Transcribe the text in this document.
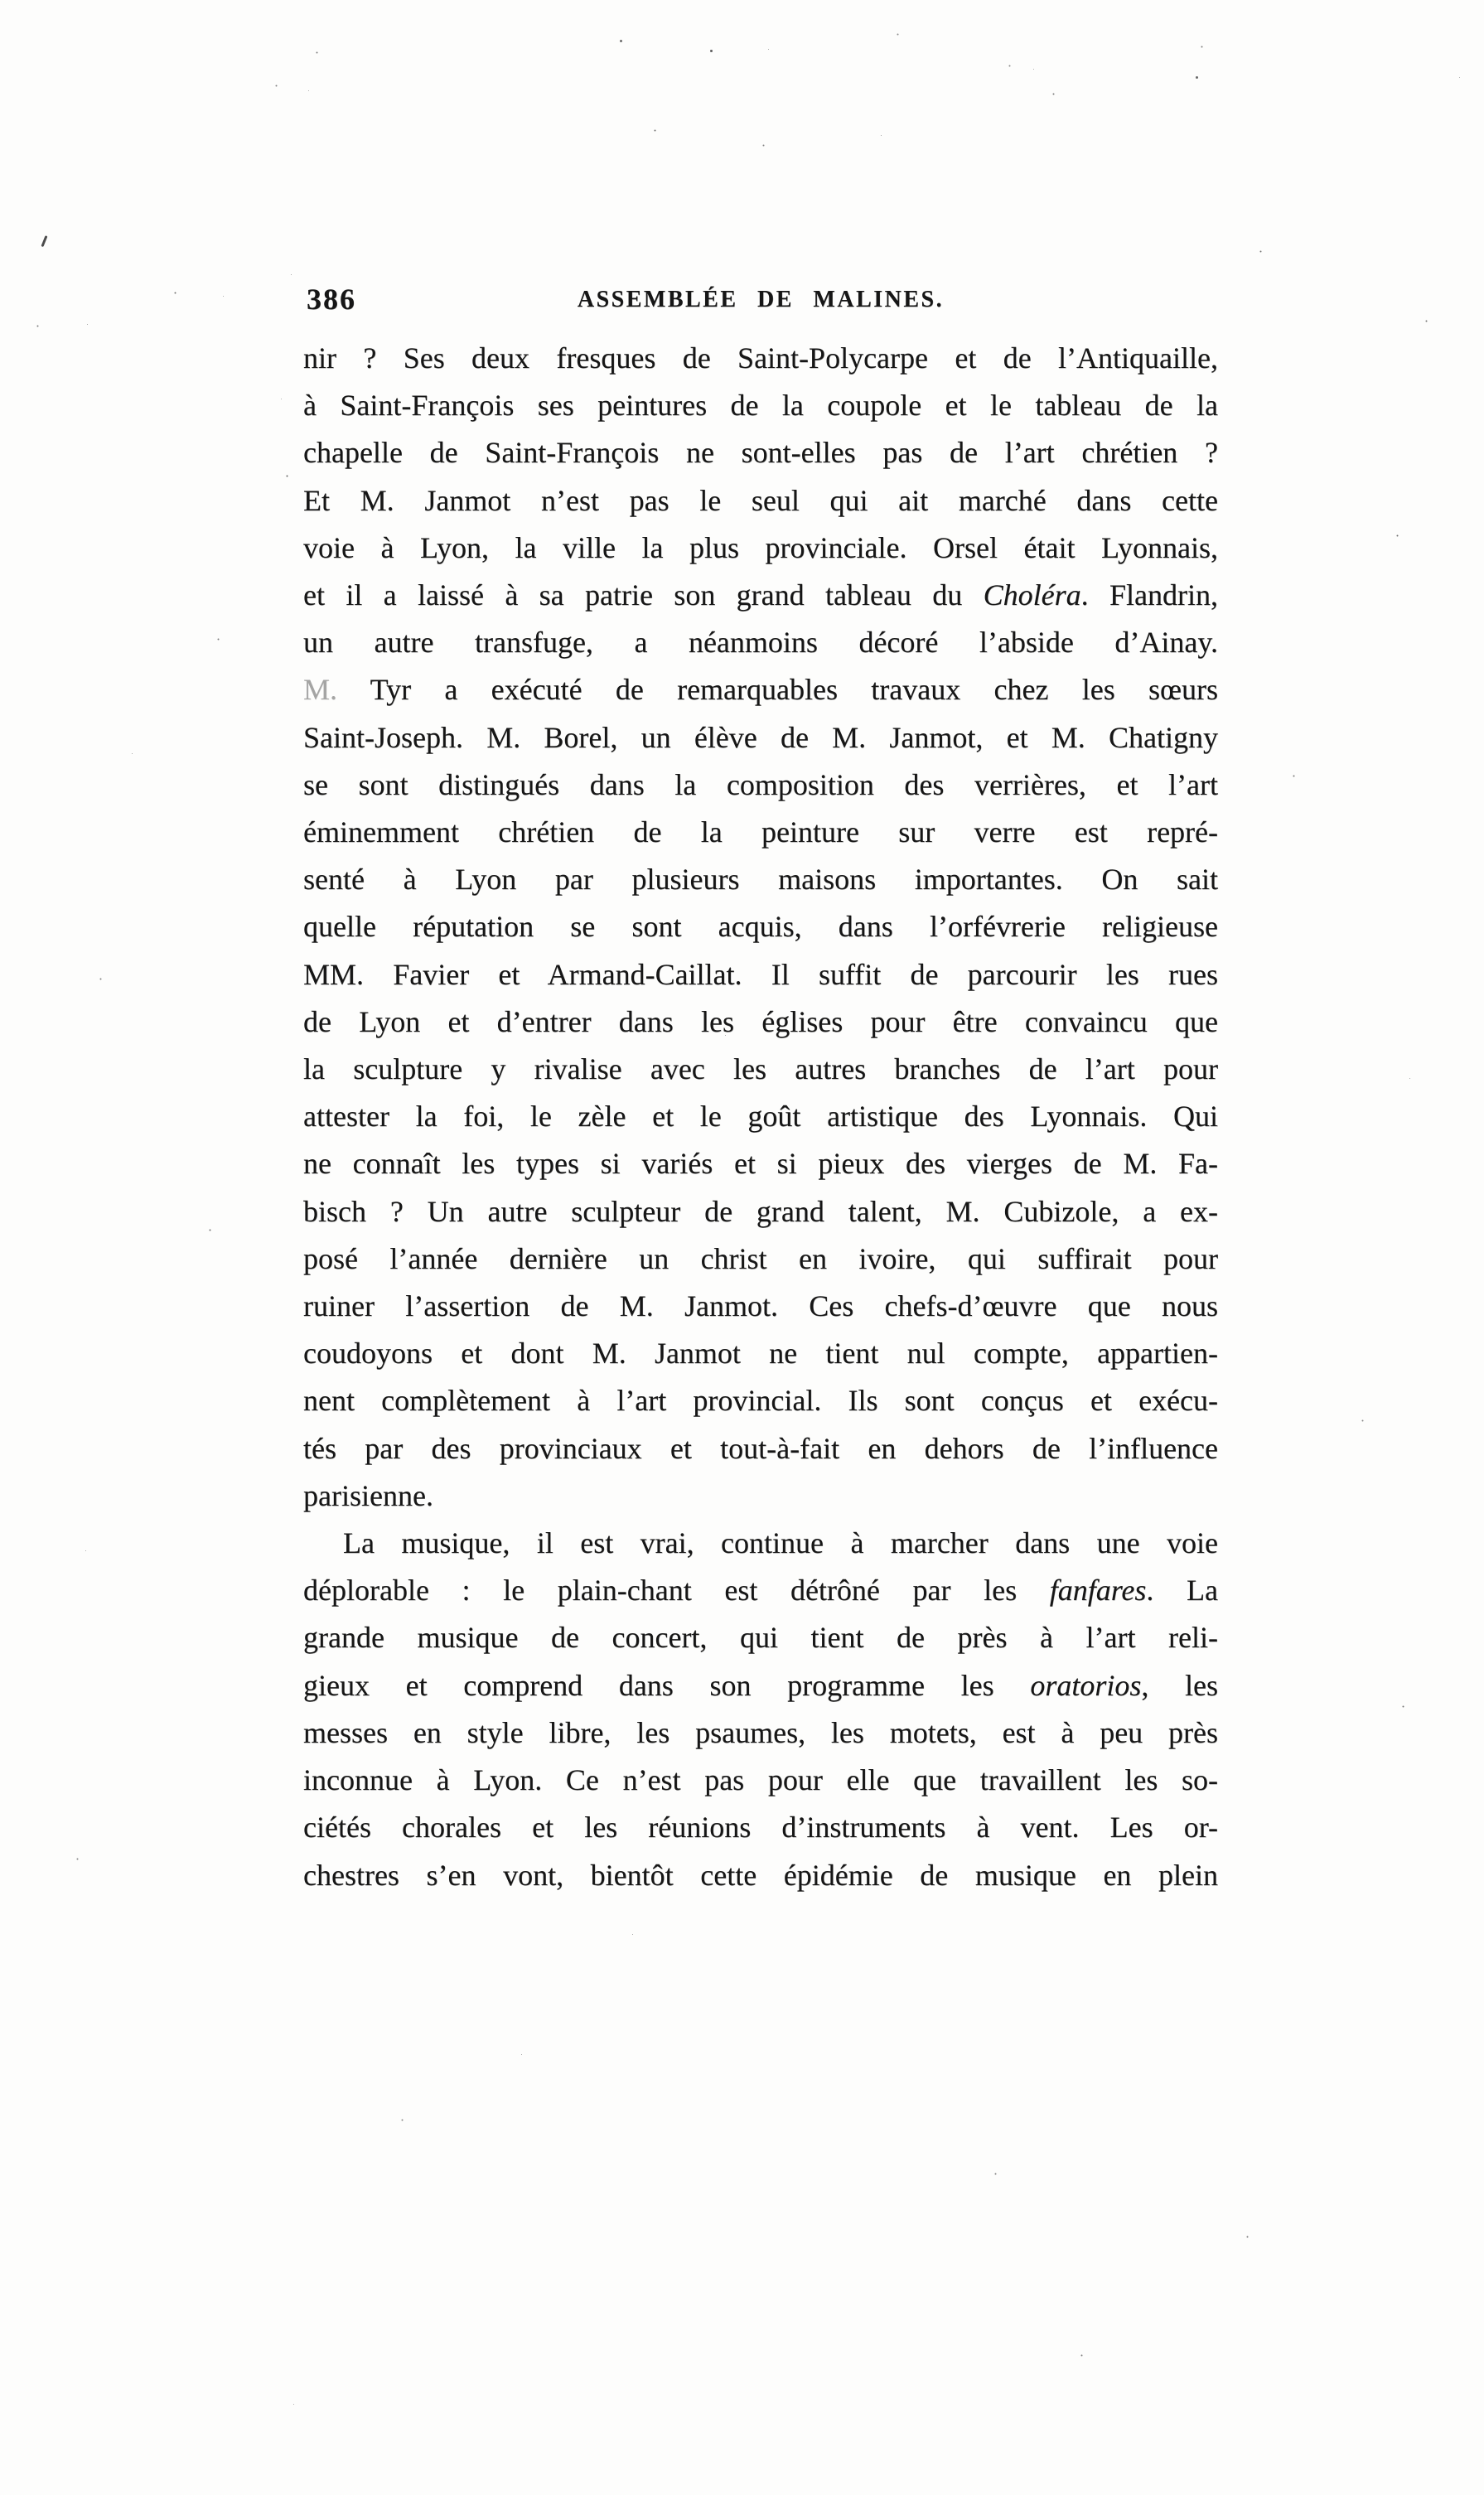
386	ASSEMBLÉE DE MALINES.
nir ? Ses deux fresques de Saint-Polycarpe et de l’Antiquaille,
à Saint-François ses peintures de la coupole et le tableau de la
chapelle de Saint-François ne sont-elles pas de l’art chrétien ?
Et M. Janmot n’est pas le seul qui ait marché dans cette
voie à Lyon, la ville la plus provinciale. Orsel était Lyonnais,
et il a laissé à sa patrie son grand tableau du Choléra. Flandrin,
un autre transfuge, a néanmoins décoré l’abside d’Ainay.
M. Tyr a exécuté de remarquables travaux chez les sœurs
Saint-Joseph. M. Borel, un élève de M. Janmot, et M. Chatigny
se sont distingués dans la composition des verrières, et l’art
éminemment chrétien de la peinture sur verre est repré-
senté à Lyon par plusieurs maisons importantes. On sait
quelle réputation se sont acquis, dans l’orfévrerie religieuse
MM. Favier et Armand-Caillat. Il suffit de parcourir les rues
de Lyon et d’entrer dans les églises pour être convaincu que
la sculpture y rivalise avec les autres branches de l’art pour
attester la foi, le zèle et le goût artistique des Lyonnais. Qui
ne connaît les types si variés et si pieux des vierges de M. Fa-
bisch ? Un autre sculpteur de grand talent, M. Cubizole, a ex-
posé l’année dernière un christ en ivoire, qui suffirait pour
ruiner l’assertion de M. Janmot. Ces chefs-d’œuvre que nous
coudoyons et dont M. Janmot ne tient nul compte, appartien-
nent complètement à l’art provincial. Ils sont conçus et exécu-
tés par des provinciaux et tout-à-fait en dehors de l’influence
parisienne.
La musique, il est vrai, continue à marcher dans une voie
déplorable : le plain-chant est détrôné par les fanfares. La
grande musique de concert, qui tient de près à l’art reli-
gieux et comprend dans son programme les oratorios, les
messes en style libre, les psaumes, les motets, est à peu près
inconnue à Lyon. Ce n’est pas pour elle que travaillent les so-
ciétés chorales et les réunions d’instruments à vent. Les or-
chestres s’en vont, bientôt cette épidémie de musique en plein
